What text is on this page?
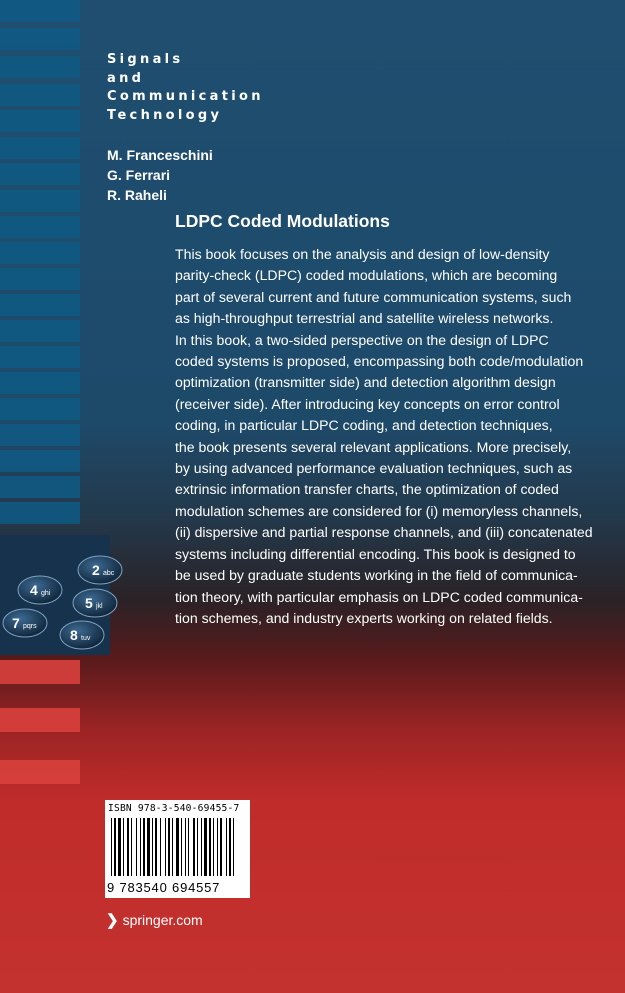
Signals
and
Communication
Technology
M. Franceschini
G. Ferrari
R. Raheli
LDPC Coded Modulations
This book focuses on the analysis and design of low-density
parity-check (LDPC) coded modulations, which are becoming
part of several current and future communication systems, such
as high-throughput terrestrial and satellite wireless networks.
In this book, a two-sided perspective on the design of LDPC
coded systems is proposed, encompassing both code/modulation
optimization (transmitter side) and detection algorithm design
(receiver side). After introducing key concepts on error control
coding, in particular LDPC coding, and detection techniques,
the book presents several relevant applications. More precisely,
by using advanced performance evaluation techniques, such as
extrinsic information transfer charts, the optimization of coded
modulation schemes are considered for (i) memoryless channels,
(ii) dispersive and partial response channels, and (iii) concatenated
systems including differential encoding. This book is designed to
be used by graduate students working in the field of communica-
tion theory, with particular emphasis on LDPC coded communica-
tion schemes, and industry experts working on related fields.
2 abc
4 ghi
5 jkl
7 pqrs
8 tuv
ISBN 978-3-540-69455-7
9 783540 694557
❯ springer.com
